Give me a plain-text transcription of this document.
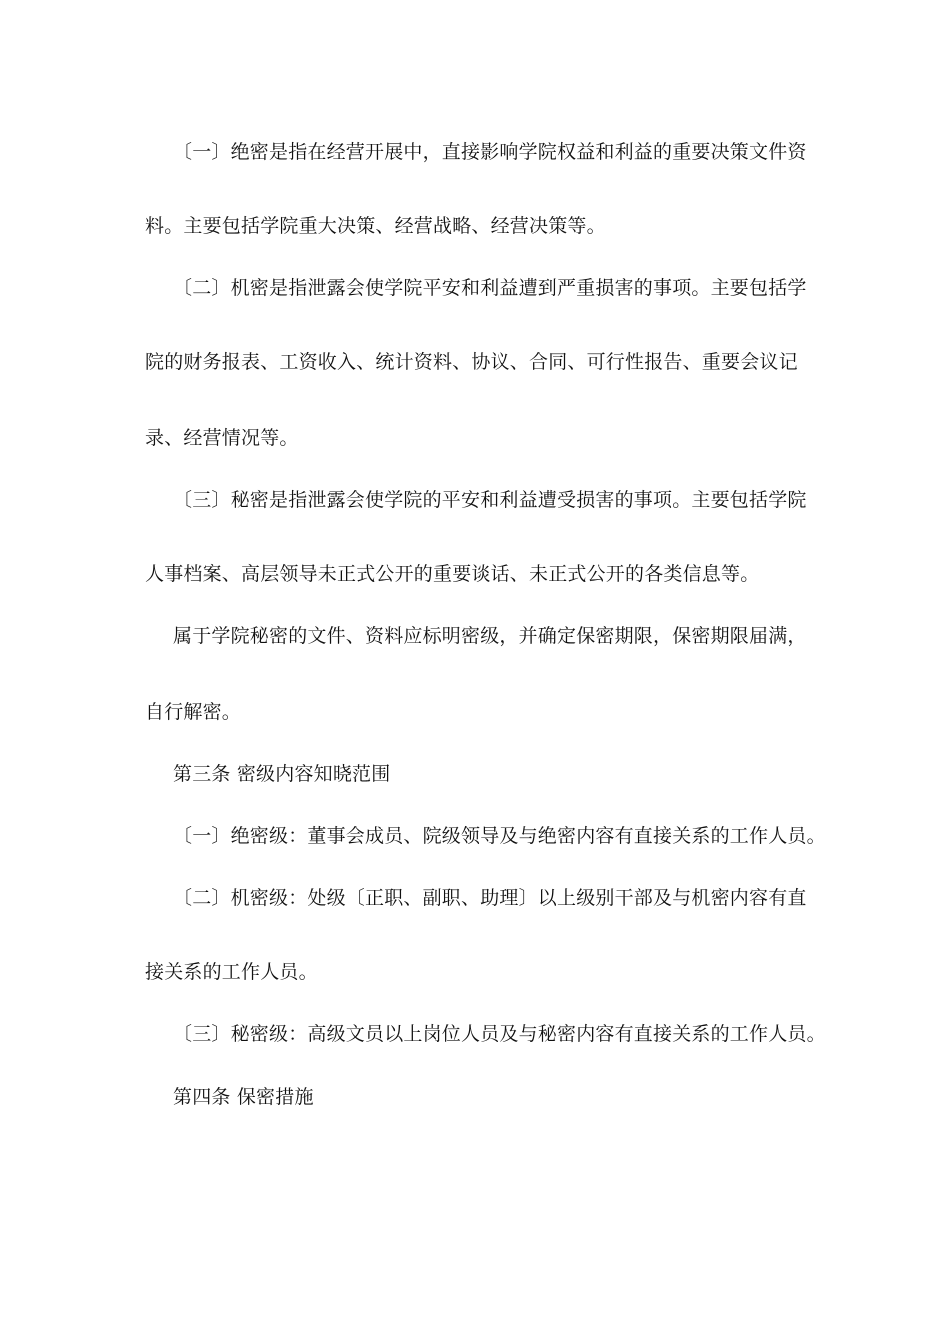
〔一〕绝密是指在经营开展中，直接影响学院权益和利益的重要决策文件资
料。主要包括学院重大决策、经营战略、经营决策等。
〔二〕机密是指泄露会使学院平安和利益遭到严重损害的事项。主要包括学
院的财务报表、工资收入、统计资料、协议、合同、可行性报告、重要会议记
录、经营情况等。
〔三〕秘密是指泄露会使学院的平安和利益遭受损害的事项。主要包括学院
人事档案、高层领导未正式公开的重要谈话、未正式公开的各类信息等。
属于学院秘密的文件、资料应标明密级，并确定保密期限，保密期限届满，
自行解密。
第三条 密级内容知晓范围
〔一〕绝密级：董事会成员、院级领导及与绝密内容有直接关系的工作人员。
〔二〕机密级：处级〔正职、副职、助理〕以上级别干部及与机密内容有直
接关系的工作人员。
〔三〕秘密级：高级文员以上岗位人员及与秘密内容有直接关系的工作人员。
第四条 保密措施
